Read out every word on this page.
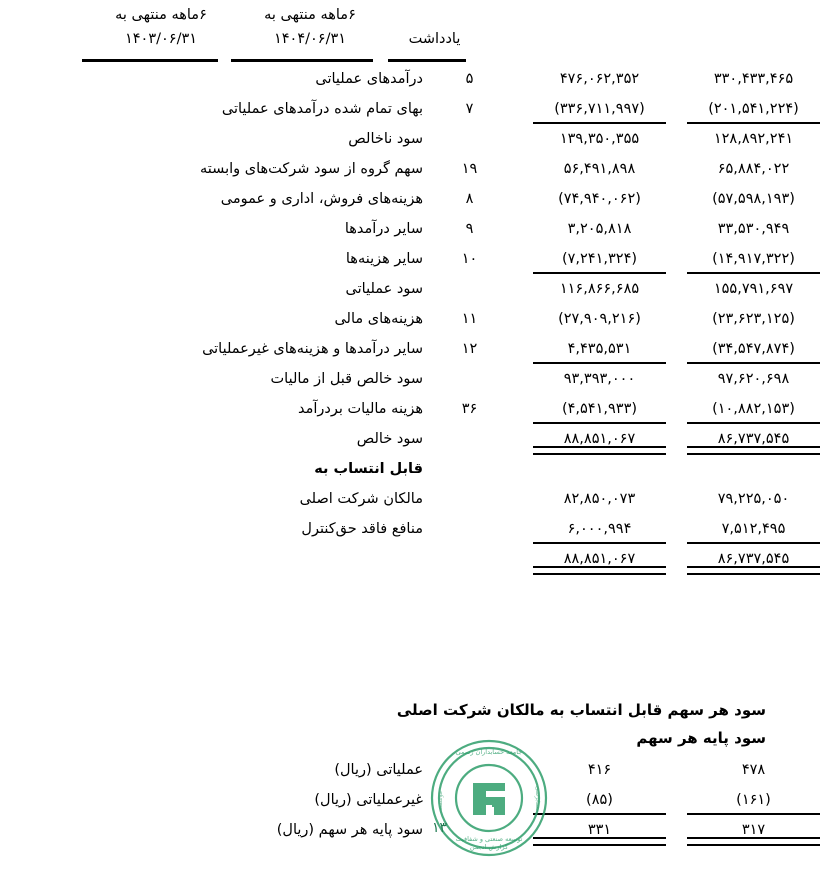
۶ماهه منتهی به
۱۴۰۳/۰۶/۳۱
۶ماهه منتهی به
۱۴۰۴/۰۶/۳۱	یادداشت
۳۳۰,۴۳۳,۴۶۵		۴۷۶,۰۶۲,۳۵۲		۵	درآمدهای عملیاتی

(۲۰۱,۵۴۱,۲۲۴)		(۳۳۶,۷۱۱,۹۹۷)		۷	بهای تمام شده درآمدهای عملیاتی

۱۲۸,۸۹۲,۲۴۱		۱۳۹,۳۵۰,۳۵۵			سود ناخالص

۶۵,۸۸۴,۰۲۲		۵۶,۴۹۱,۸۹۸		۱۹	سهم گروه از سود شرکت‌های وابسته

(۵۷,۵۹۸,۱۹۳)		(۷۴,۹۴۰,۰۶۲)		۸	هزینه‌های فروش، اداری و عمومی

۳۳,۵۳۰,۹۴۹		۳,۲۰۵,۸۱۸		۹	سایر درآمدها

(۱۴,۹۱۷,۳۲۲)		(۷,۲۴۱,۳۲۴)		۱۰	سایر هزینه‌ها

۱۵۵,۷۹۱,۶۹۷		۱۱۶,۸۶۶,۶۸۵			سود عملیاتی

(۲۳,۶۲۳,۱۲۵)		(۲۷,۹۰۹,۲۱۶)		۱۱	هزینه‌های مالی

(۳۴,۵۴۷,۸۷۴)		۴,۴۳۵,۵۳۱		۱۲	سایر درآمدها و هزینه‌های غیرعملیاتی

۹۷,۶۲۰,۶۹۸		۹۳,۳۹۳,۰۰۰			سود خالص قبل از مالیات

(۱۰,۸۸۲,۱۵۳)		(۴,۵۴۱,۹۳۳)		۳۶	هزینه مالیات بردرآمد

۸۶,۷۳۷,۵۴۵		۸۸,۸۵۱,۰۶۷			سود خالص

			قابل انتساب به

۷۹,۲۲۵,۰۵۰		۸۲,۸۵۰,۰۷۳			مالکان شرکت اصلی

۷,۵۱۲,۴۹۵		۶,۰۰۰,۹۹۴			منافع فاقد حق‌کنترل

۸۶,۷۳۷,۵۴۵		۸۸,۸۵۱,۰۶۷			

سود هر سهم قابل انتساب به مالکان شرکت اصلی
سود پایه هر سهم
۴۷۸		۴۱۶			عملیاتی (ریال)

(۱۶۱)		(۸۵)			غیرعملیاتی (ریال)

۳۱۷		۳۳۱			سود پایه هر سهم (ریال)
جامعه حسابداران رسمی
گزارش انجمن
توسعه صنعتی و شفافیت
موسسه	حسابرسی
۱۳
